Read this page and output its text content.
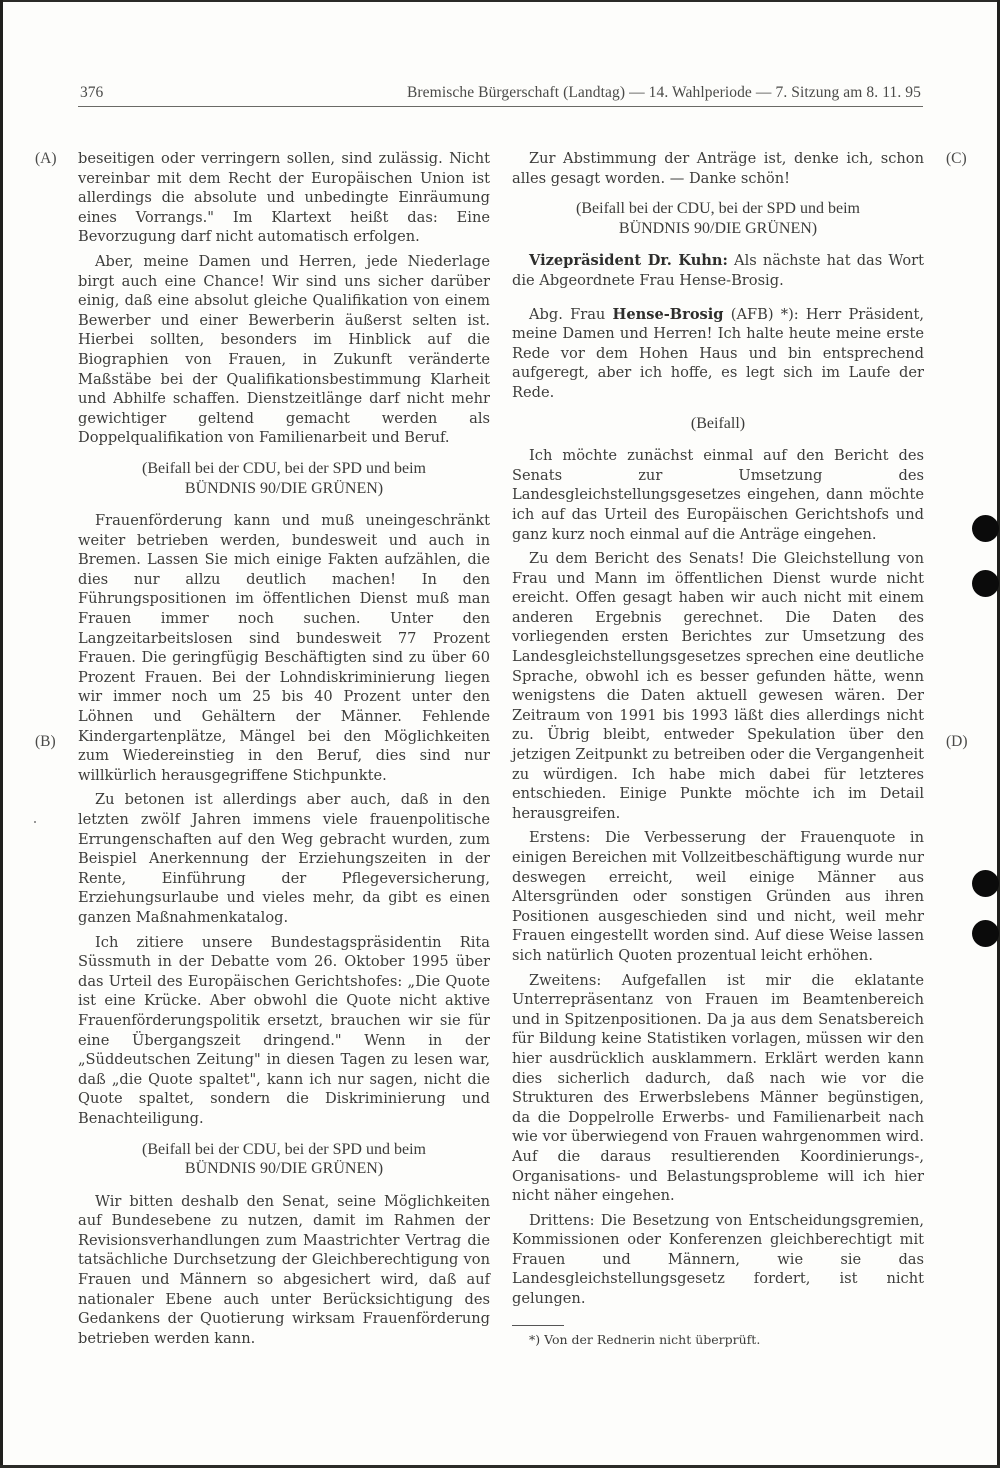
376	Bremische Bürgerschaft (Landtag) — 14. Wahlperiode — 7. Sitzung am 8. 11. 95
(A)
(B)
(C)
(D)

beseitigen oder verringern sollen, sind zulässig. Nicht vereinbar mit dem Recht der Europäischen Union ist allerdings die absolute und unbedingte Einräumung eines Vorrangs." Im Klartext heißt das: Eine Bevorzugung darf nicht automatisch erfolgen.

Aber, meine Damen und Herren, jede Niederlage birgt auch eine Chance! Wir sind uns sicher darüber einig, daß eine absolut gleiche Qualifikation von einem Bewerber und einer Bewerberin äußerst selten ist. Hierbei sollten, besonders im Hinblick auf die Biographien von Frauen, in Zukunft veränderte Maßstäbe bei der Qualifikationsbestimmung Klarheit und Abhilfe schaffen. Dienstzeitlänge darf nicht mehr gewichtiger geltend gemacht werden als Doppelqualifikation von Familienarbeit und Beruf.

(Beifall bei der CDU, bei der SPD und beim
BÜNDNIS 90/DIE GRÜNEN)

Frauenförderung kann und muß uneingeschränkt weiter betrieben werden, bundesweit und auch in Bremen. Lassen Sie mich einige Fakten aufzählen, die dies nur allzu deutlich machen! In den Führungspositionen im öffentlichen Dienst muß man Frauen immer noch suchen. Unter den Langzeitarbeitslosen sind bundesweit 77 Prozent Frauen. Die geringfügig Beschäftigten sind zu über 60 Prozent Frauen. Bei der Lohndiskriminierung liegen wir immer noch um 25 bis 40 Prozent unter den Löhnen und Gehältern der Männer. Fehlende Kindergartenplätze, Mängel bei den Möglichkeiten zum Wiedereinstieg in den Beruf, dies sind nur willkürlich herausgegriffene Stichpunkte.

Zu betonen ist allerdings aber auch, daß in den letzten zwölf Jahren immens viele frauenpolitische Errungenschaften auf den Weg gebracht wurden, zum Beispiel Anerkennung der Erziehungszeiten in der Rente, Einführung der Pflegeversicherung, Erziehungsurlaube und vieles mehr, da gibt es einen ganzen Maßnahmenkatalog.

Ich zitiere unsere Bundestagspräsidentin Rita Süssmuth in der Debatte vom 26. Oktober 1995 über das Urteil des Europäischen Gerichtshofes: „Die Quote ist eine Krücke. Aber obwohl die Quote nicht aktive Frauenförderungspolitik ersetzt, brauchen wir sie für eine Übergangszeit dringend." Wenn in der „Süddeutschen Zeitung" in diesen Tagen zu lesen war, daß „die Quote spaltet", kann ich nur sagen, nicht die Quote spaltet, sondern die Diskriminierung und Benachteiligung.

(Beifall bei der CDU, bei der SPD und beim
BÜNDNIS 90/DIE GRÜNEN)

Wir bitten deshalb den Senat, seine Möglichkeiten auf Bundesebene zu nutzen, damit im Rahmen der Revisionsverhandlungen zum Maastrichter Vertrag die tatsächliche Durchsetzung der Gleichberechtigung von Frauen und Männern so abgesichert wird, daß auf nationaler Ebene auch unter Berücksichtigung des Gedankens der Quotierung wirksam Frauenförderung betrieben werden kann.

Zur Abstimmung der Anträge ist, denke ich, schon alles gesagt worden. — Danke schön!

(Beifall bei der CDU, bei der SPD und beim
BÜNDNIS 90/DIE GRÜNEN)

Vizepräsident Dr. Kuhn: Als nächste hat das Wort die Abgeordnete Frau Hense-Brosig.

Abg. Frau Hense-Brosig (AFB) *): Herr Präsident, meine Damen und Herren! Ich halte heute meine erste Rede vor dem Hohen Haus und bin entsprechend aufgeregt, aber ich hoffe, es legt sich im Laufe der Rede.

(Beifall)

Ich möchte zunächst einmal auf den Bericht des Senats zur Umsetzung des Landesgleichstellungsgesetzes eingehen, dann möchte ich auf das Urteil des Europäischen Gerichtshofs und ganz kurz noch einmal auf die Anträge eingehen.

Zu dem Bericht des Senats! Die Gleichstellung von Frau und Mann im öffentlichen Dienst wurde nicht ereicht. Offen gesagt haben wir auch nicht mit einem anderen Ergebnis gerechnet. Die Daten des vorliegenden ersten Berichtes zur Umsetzung des Landesgleichstellungsgesetzes sprechen eine deutliche Sprache, obwohl ich es besser gefunden hätte, wenn wenigstens die Daten aktuell gewesen wären. Der Zeitraum von 1991 bis 1993 läßt dies allerdings nicht zu. Übrig bleibt, entweder Spekulation über den jetzigen Zeitpunkt zu betreiben oder die Vergangenheit zu würdigen. Ich habe mich dabei für letzteres entschieden. Einige Punkte möchte ich im Detail herausgreifen.

Erstens: Die Verbesserung der Frauenquote in einigen Bereichen mit Vollzeitbeschäftigung wurde nur deswegen erreicht, weil einige Männer aus Altersgründen oder sonstigen Gründen aus ihren Positionen ausgeschieden sind und nicht, weil mehr Frauen eingestellt worden sind. Auf diese Weise lassen sich natürlich Quoten prozentual leicht erhöhen.

Zweitens: Aufgefallen ist mir die eklatante Unterrepräsentanz von Frauen im Beamtenbereich und in Spitzenpositionen. Da ja aus dem Senatsbereich für Bildung keine Statistiken vorlagen, müssen wir den hier ausdrücklich ausklammern. Erklärt werden kann dies sicherlich dadurch, daß nach wie vor die Strukturen des Erwerbslebens Männer begünstigen, da die Doppelrolle Erwerbs- und Familienarbeit nach wie vor überwiegend von Frauen wahrgenommen wird. Auf die daraus resultierenden Koordinierungs-, Organisations- und Belastungsprobleme will ich hier nicht näher eingehen.

Drittens: Die Besetzung von Entscheidungsgremien, Kommissionen oder Konferenzen gleichberechtigt mit Frauen und Männern, wie sie das Landesgleichstellungsgesetz fordert, ist nicht gelungen.

*) Von der Rednerin nicht überprüft.
